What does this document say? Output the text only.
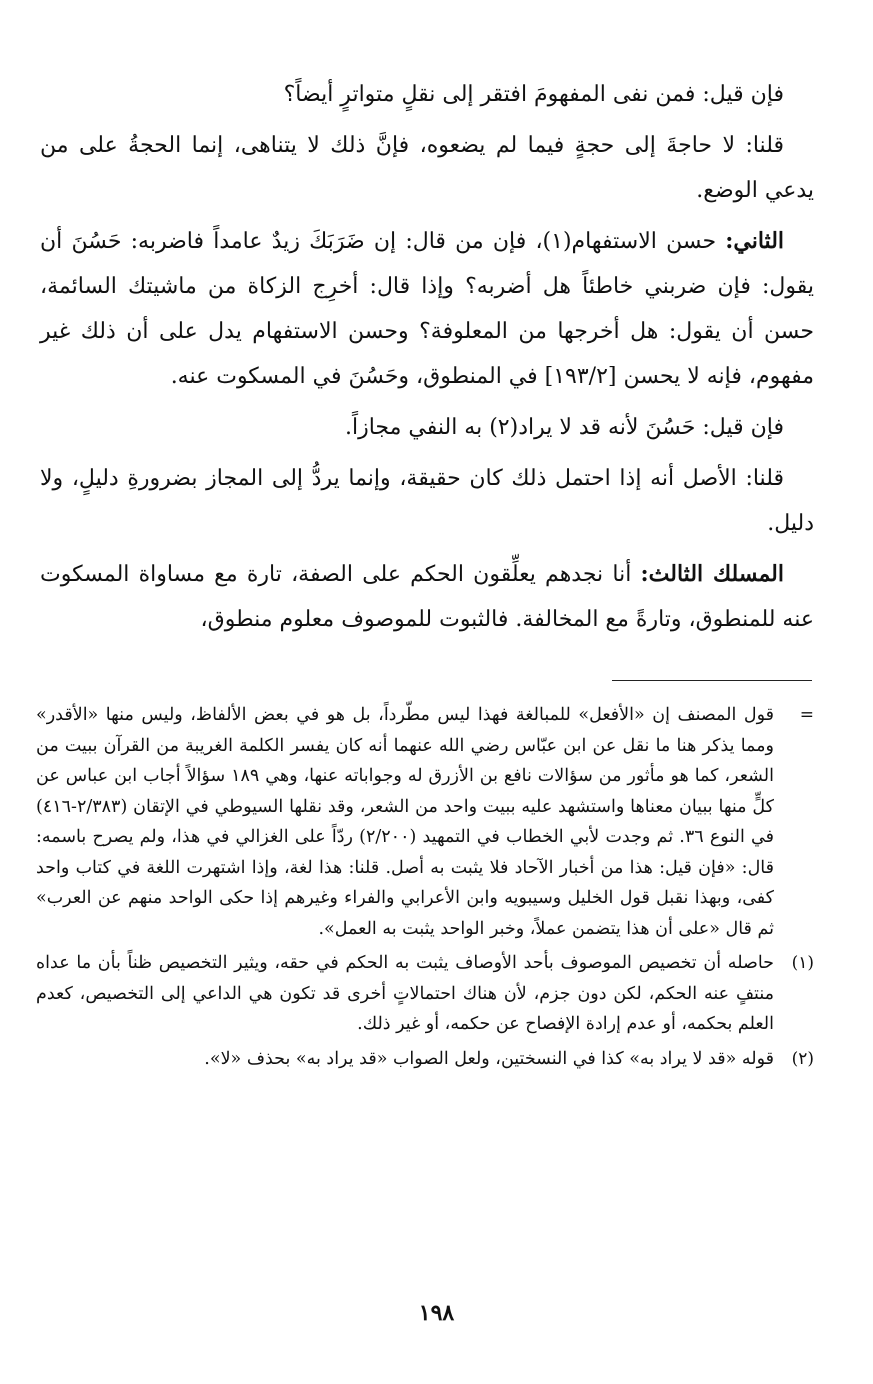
فإن قيل: فمن نفى المفهومَ افتقر إلى نقلٍ متواترٍ أيضاً؟

قلنا: لا حاجةَ إلى حجةٍ فيما لم يضعوه، فإنَّ ذلك لا يتناهى، إنما الحجةُ على من يدعي الوضع.

الثاني: حسن الاستفهام(١)، فإن من قال: إن ضَرَبَكَ زيدٌ عامداً فاضربه: حَسُنَ أن يقول: فإن ضربني خاطئاً هل أضربه؟ وإذا قال: أخرِج الزكاة من ماشيتك السائمة، حسن أن يقول: هل أخرجها من المعلوفة؟ وحسن الاستفهام يدل على أن ذلك غير مفهوم، فإنه لا يحسن [١٩٣/٢] في المنطوق، وحَسُنَ في المسكوت عنه.

فإن قيل: حَسُنَ لأنه قد لا يراد(٢) به النفي مجازاً.

قلنا: الأصل أنه إذا احتمل ذلك كان حقيقة، وإنما يردُّ إلى المجاز بضرورةِ دليلٍ، ولا دليل.

المسلك الثالث: أنا نجدهم يعلِّقون الحكم على الصفة، تارة مع مساواة المسكوت عنه للمنطوق، وتارةً مع المخالفة. فالثبوت للموصوف معلوم منطوق،

=
قول المصنف إن «الأفعل» للمبالغة فهذا ليس مطّرداً، بل هو في بعض الألفاظ، وليس منها «الأقدر» ومما يذكر هنا ما نقل عن ابن عبّاس رضي الله عنهما أنه كان يفسر الكلمة الغريبة من القرآن ببيت من الشعر، كما هو مأثور من سؤالات نافع بن الأزرق له وجواباته عنها، وهي ١٨٩ سؤالاً أجاب ابن عباس عن كلٍّ منها ببيان معناها واستشهد عليه ببيت واحد من الشعر، وقد نقلها السيوطي في الإتقان (٢/٣٨٣-٤١٦) في النوع ٣٦. ثم وجدت لأبي الخطاب في التمهيد (٢/٢٠٠) ردّاً على الغزالي في هذا، ولم يصرح باسمه: قال: «فإن قيل: هذا من أخبار الآحاد فلا يثبت به أصل. قلنا: هذا لغة، وإذا اشتهرت اللغة في كتاب واحد كفى، وبهذا نقبل قول الخليل وسيبويه وابن الأعرابي والفراء وغيرهم إذا حكى الواحد منهم عن العرب» ثم قال «على أن هذا يتضمن عملاً، وخبر الواحد يثبت به العمل».
(١)
حاصله أن تخصيص الموصوف بأحد الأوصاف يثبت به الحكم في حقه، ويثير التخصيص ظناً بأن ما عداه منتفٍ عنه الحكم، لكن دون جزم، لأن هناك احتمالاتٍ أخرى قد تكون هي الداعي إلى التخصيص، كعدم العلم بحكمه، أو عدم إرادة الإفصاح عن حكمه، أو غير ذلك.
(٢)
قوله «قد لا يراد به» كذا في النسختين، ولعل الصواب «قد يراد به» بحذف «لا».
١٩٨
